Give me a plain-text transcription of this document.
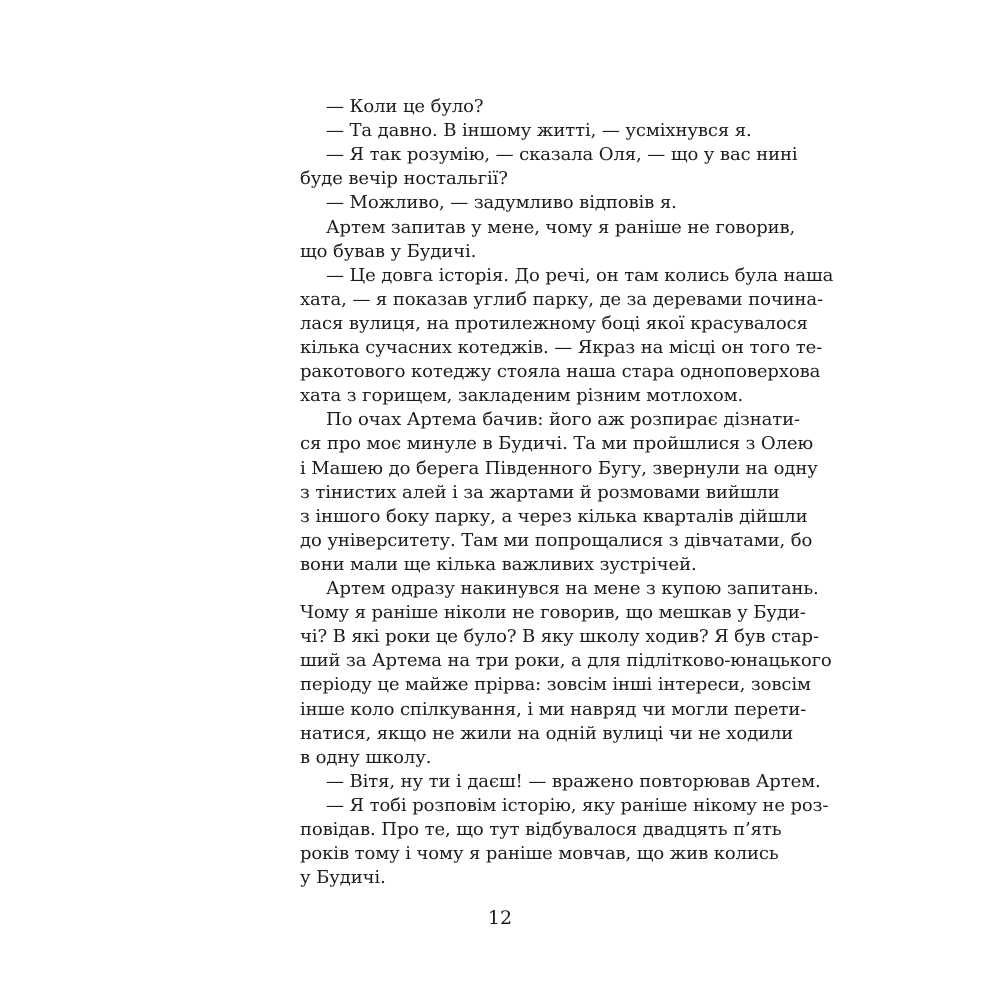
— Коли це було?
— Та давно. В іншому житті, — усміхнувся я.
— Я так розумію, — сказала Оля, — що у вас нині
буде вечір ностальгії?
— Можливо, — задумливо відповів я.
Артем запитав у мене, чому я раніше не говорив,
що бував у Будичі.
— Це довга історія. До речі, он там колись була наша
хата, — я показав углиб парку, де за деревами почина-
лася вулиця, на протилежному боці якої красувалося
кілька сучасних котеджів. — Якраз на місці он того те-
ракотового котеджу стояла наша стара одноповерхова
хата з горищем, закладеним різним мотлохом.
По очах Артема бачив: його аж розпирає дізнати-
ся про моє минуле в Будичі. Та ми пройшлися з Олею
і Машею до берега Південного Бугу, звернули на одну
з тінистих алей і за жартами й розмовами вийшли
з іншого боку парку, а через кілька кварталів дійшли
до університету. Там ми попрощалися з дівчатами, бо
вони мали ще кілька важливих зустрічей.
Артем одразу накинувся на мене з купою запитань.
Чому я раніше ніколи не говорив, що мешкав у Буди-
чі? В які роки це було? В яку школу ходив? Я був стар-
ший за Артема на три роки, а для підлітково-юнацького
періоду це майже прірва: зовсім інші інтереси, зовсім
інше коло спілкування, і ми навряд чи могли перети-
натися, якщо не жили на одній вулиці чи не ходили
в одну школу.
— Вітя, ну ти і даєш! — вражено повторював Артем.
— Я тобі розповім історію, яку раніше нікому не роз-
повідав. Про те, що тут відбувалося двадцять п’ять
років тому і чому я раніше мовчав, що жив колись
у Будичі.
12
